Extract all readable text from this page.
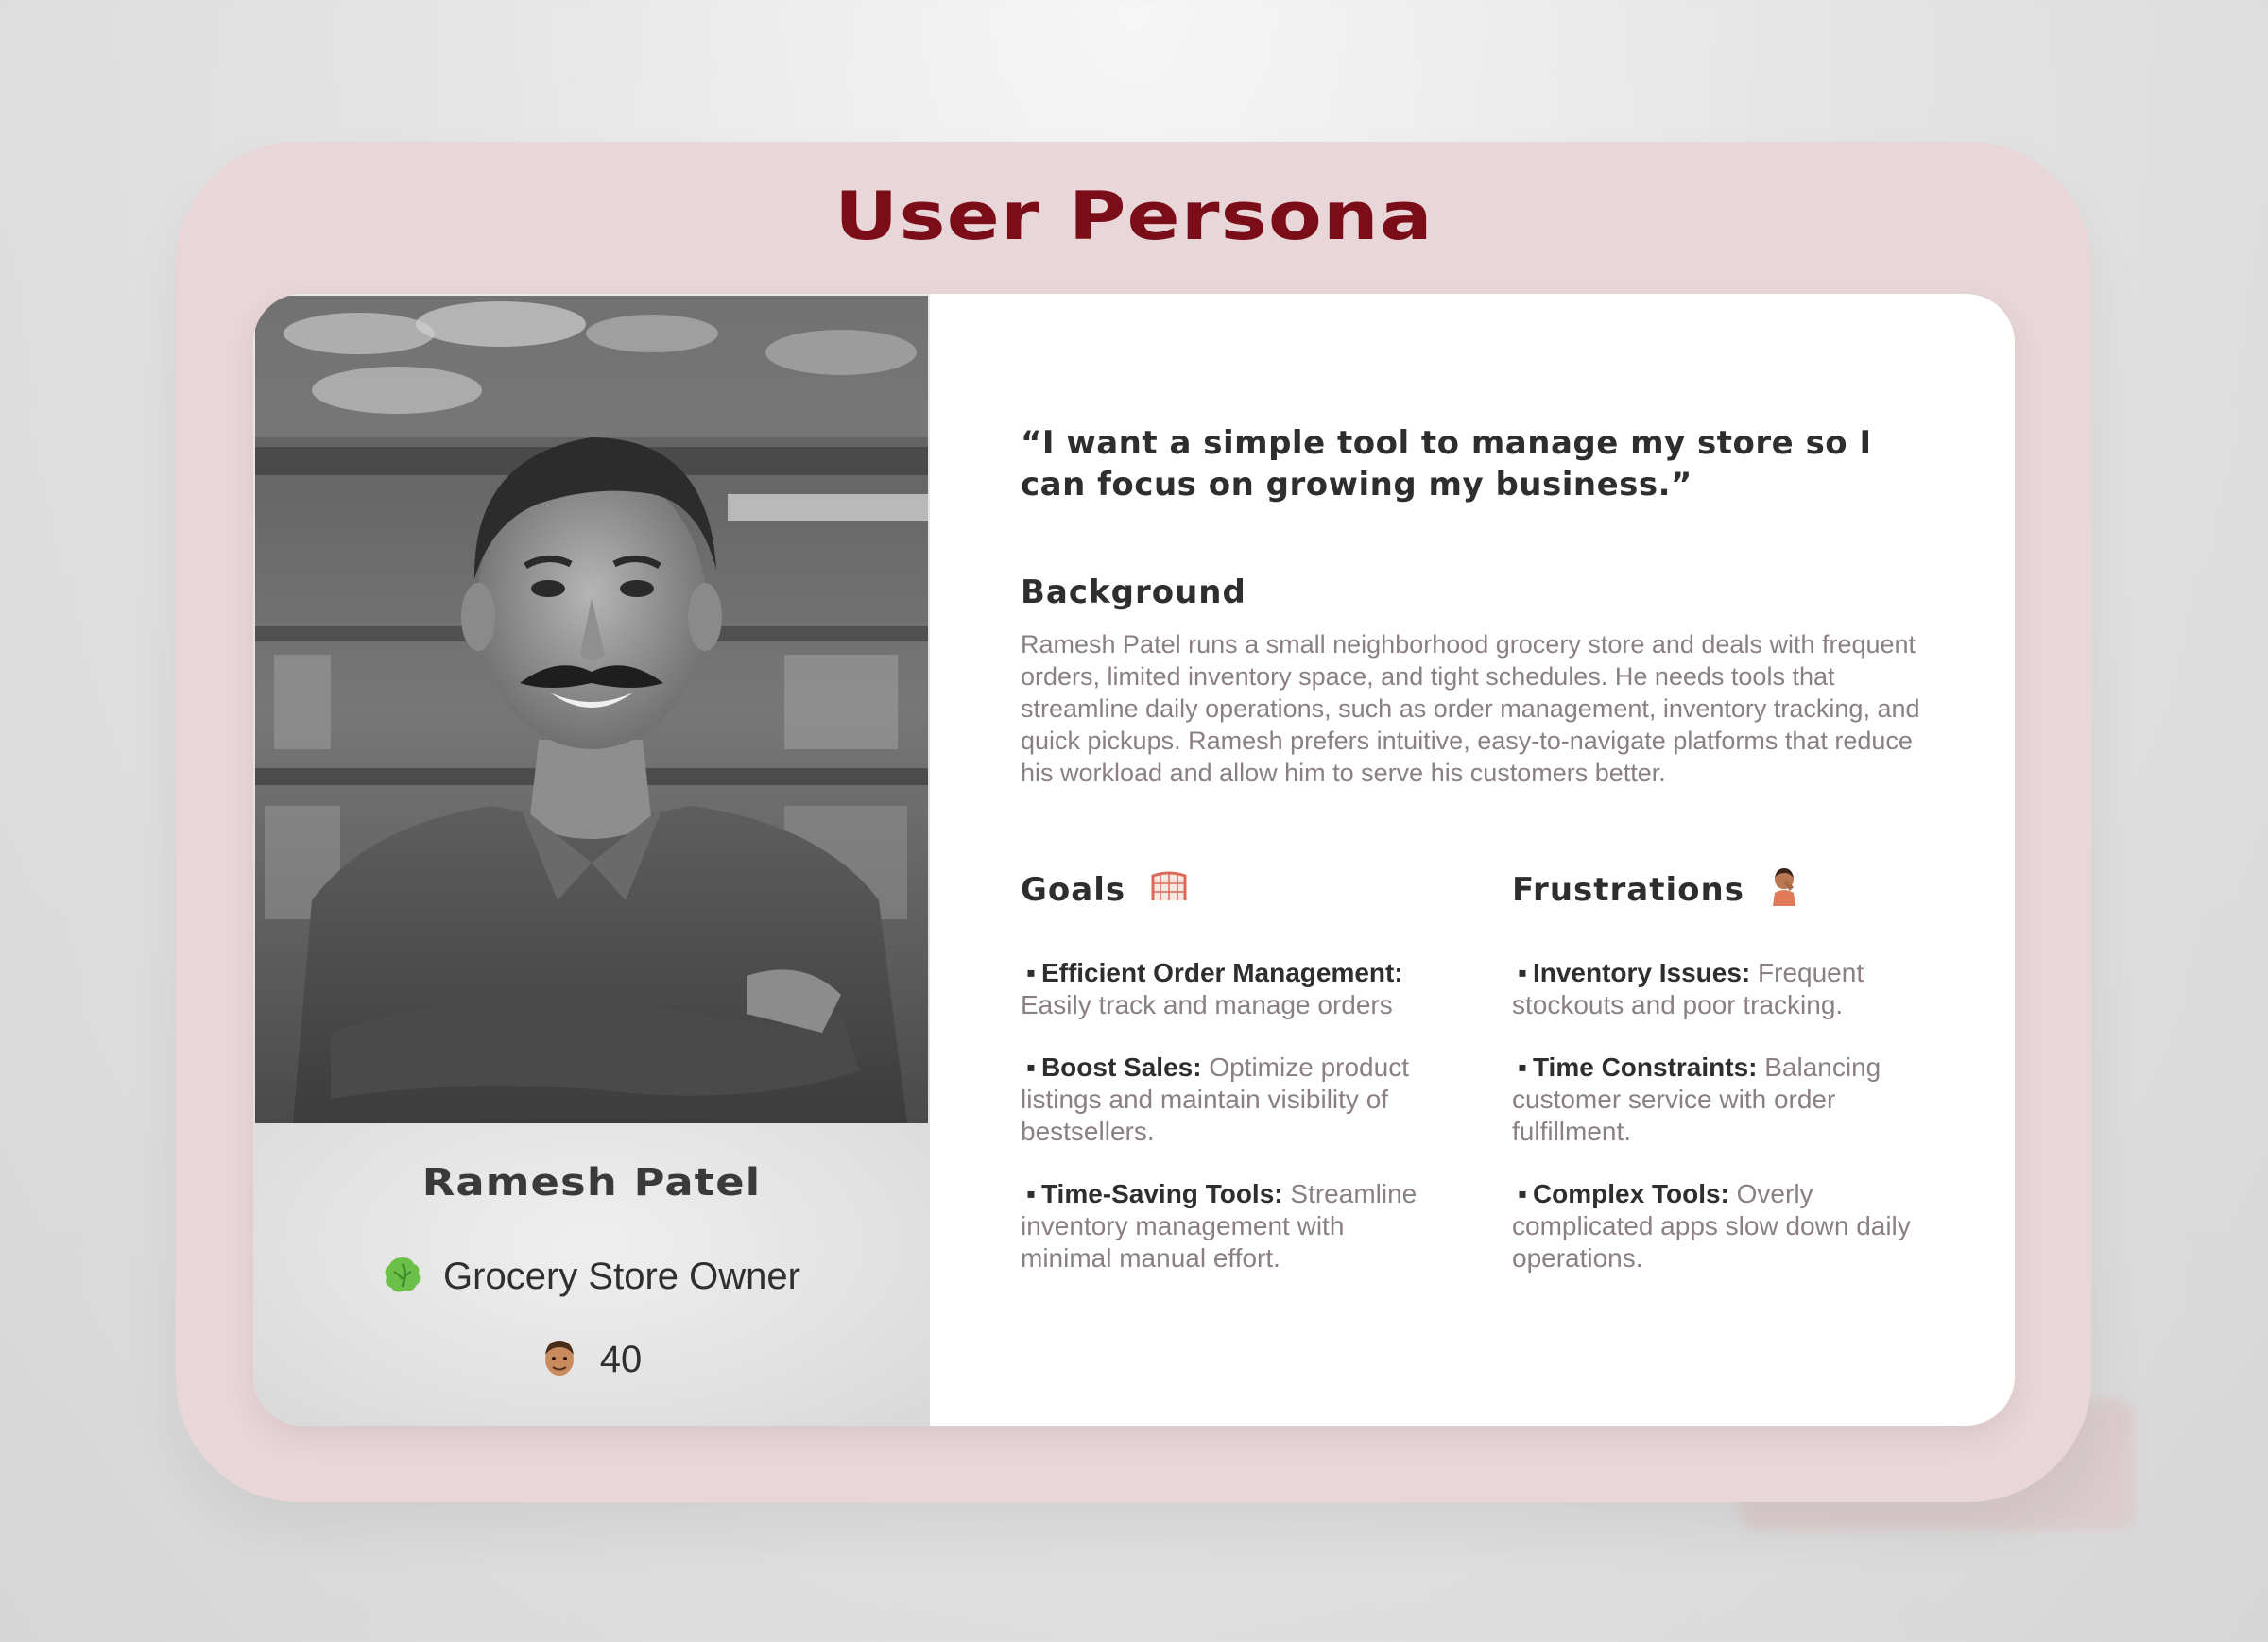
User Persona
Ramesh Patel
Grocery Store Owner
40
“I want a simple tool to manage my store so I can focus on growing my business.”
Background
Ramesh Patel runs a small neighborhood grocery store and deals with frequent orders, limited inventory space, and tight schedules. He needs tools that streamline daily operations, such as order management, inventory tracking, and quick pickups. Ramesh prefers intuitive, easy-to-navigate platforms that reduce his workload and allow him to serve his customers better.
Goals
▪ Efficient Order Management: Easily track and manage orders
▪ Boost Sales: Optimize product listings and maintain visibility of bestsellers.
▪ Time-Saving Tools: Streamline inventory management with minimal manual effort.
Frustrations
▪ Inventory Issues: Frequent stockouts and poor tracking.
▪ Time Constraints: Balancing customer service with order fulfillment.
▪ Complex Tools: Overly complicated apps slow down daily operations.
